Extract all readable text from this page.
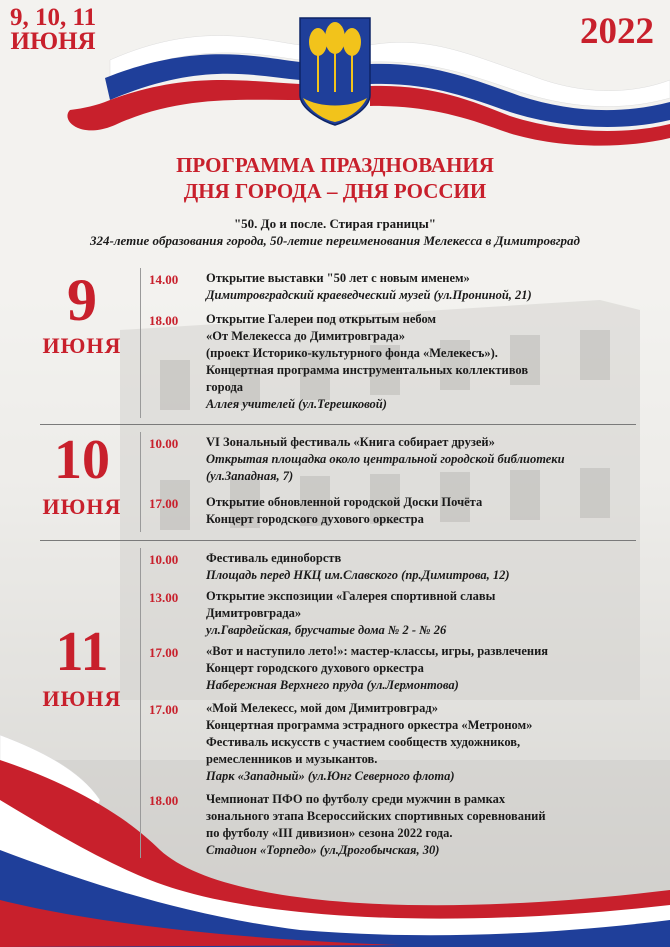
9, 10, 11
ИЮНЯ	2022
ПРОГРАММА ПРАЗДНОВАНИЯ
ДНЯ ГОРОДА – ДНЯ РОССИИ
"50. До и после. Стирая границы"
324-летие образования города, 50-летие переименования Мелекесса в Димитровград
9
ИЮНЯ
14.00 Открытие выставки "50 лет с новым именем»
Димитровградский краеведческий музей (ул.Прониной, 21)
18.00 Открытие Галереи под открытым небом
«От Мелекесса до Димитровграда»
(проект Историко-культурного фонда «Мелекесъ»).
Концертная программа инструментальных коллективов
города
Аллея учителей (ул.Терешковой)
10
ИЮНЯ
10.00 VI Зональный фестиваль «Книга собирает друзей»
Открытая площадка около центральной городской библиотеки
(ул.Западная, 7)
17.00 Открытие обновленной городской Доски Почёта
Концерт городского духового оркестра
11
ИЮНЯ
10.00 Фестиваль единоборств
Площадь перед НКЦ им.Славского (пр.Димитрова, 12)
13.00 Открытие экспозиции «Галерея спортивной славы
Димитровграда»
ул.Гвардейская, брусчатые дома № 2 - № 26
17.00 «Вот и наступило лето!»: мастер-классы, игры, развлечения
Концерт городского духового оркестра
Набережная Верхнего пруда (ул.Лермонтова)
17.00 «Мой Мелекесс, мой дом Димитровград»
Концертная программа эстрадного оркестра «Метроном»
Фестиваль искусств с участием сообществ художников,
ремесленников и музыкантов.
Парк «Западный» (ул.Юнг Северного флота)
18.00 Чемпионат ПФО по футболу среди мужчин в рамках
зонального этапа Всероссийских спортивных соревнований
по футболу «III дивизион» сезона 2022 года.
Стадион «Торпедо» (ул.Дрогобычская, 30)
